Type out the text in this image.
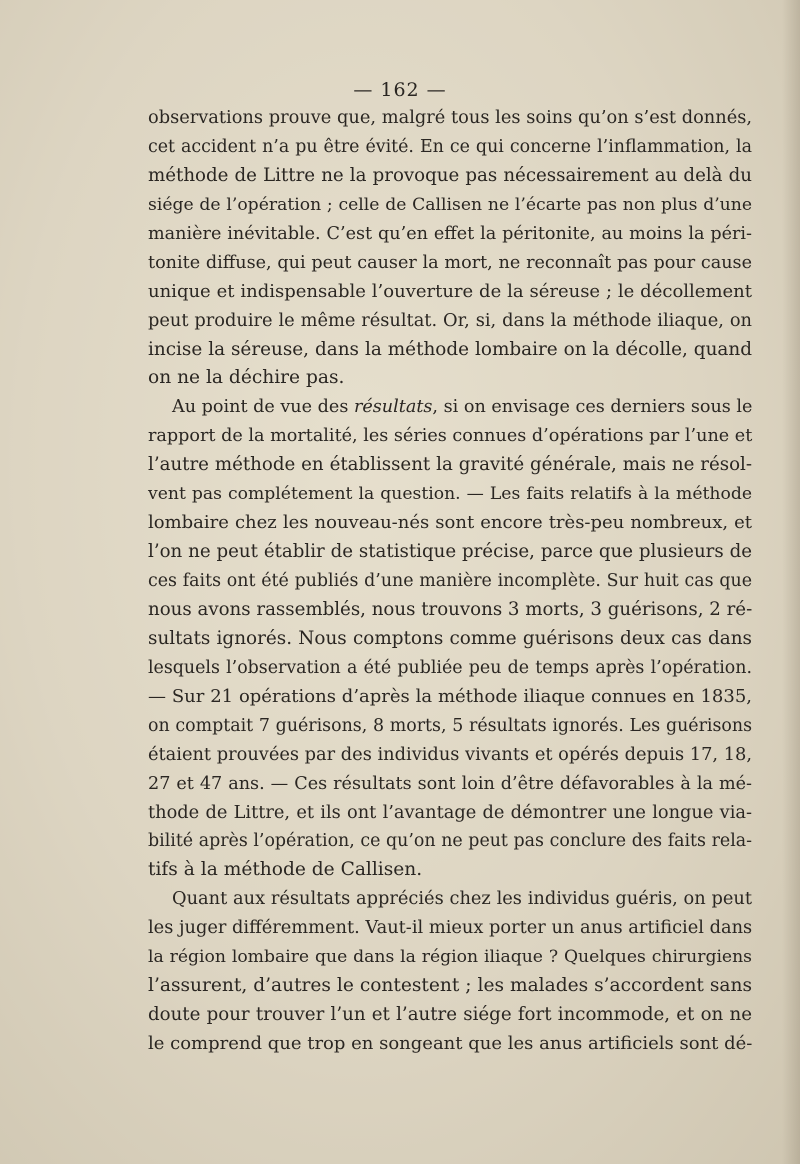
— 162 —
observations prouve que, malgré tous les soins qu’on s’est donnés,
cet accident n’a pu être évité. En ce qui concerne l’inflammation, la
méthode de Littre ne la provoque pas nécessairement au delà du
siége de l’opération ; celle de Callisen ne l’écarte pas non plus d’une
manière inévitable. C’est qu’en effet la péritonite, au moins la péri-
tonite diffuse, qui peut causer la mort, ne reconnaît pas pour cause
unique et indispensable l’ouverture de la séreuse ; le décollement
peut produire le même résultat. Or, si, dans la méthode iliaque, on
incise la séreuse, dans la méthode lombaire on la décolle, quand
on ne la déchire pas.
Au point de vue des résultats, si on envisage ces derniers sous le
rapport de la mortalité, les séries connues d’opérations par l’une et
l’autre méthode en établissent la gravité générale, mais ne résol-
vent pas complétement la question. — Les faits relatifs à la méthode
lombaire chez les nouveau-nés sont encore très-peu nombreux, et
l’on ne peut établir de statistique précise, parce que plusieurs de
ces faits ont été publiés d’une manière incomplète. Sur huit cas que
nous avons rassemblés, nous trouvons 3 morts, 3 guérisons, 2 ré-
sultats ignorés. Nous comptons comme guérisons deux cas dans
lesquels l’observation a été publiée peu de temps après l’opération.
— Sur 21 opérations d’après la méthode iliaque connues en 1835,
on comptait 7 guérisons, 8 morts, 5 résultats ignorés. Les guérisons
étaient prouvées par des individus vivants et opérés depuis 17, 18,
27 et 47 ans. — Ces résultats sont loin d’être défavorables à la mé-
thode de Littre, et ils ont l’avantage de démontrer une longue via-
bilité après l’opération, ce qu’on ne peut pas conclure des faits rela-
tifs à la méthode de Callisen.
Quant aux résultats appréciés chez les individus guéris, on peut
les juger différemment. Vaut-il mieux porter un anus artificiel dans
la région lombaire que dans la région iliaque ? Quelques chirurgiens
l’assurent, d’autres le contestent ; les malades s’accordent sans
doute pour trouver l’un et l’autre siége fort incommode, et on ne
le comprend que trop en songeant que les anus artificiels sont dé-
